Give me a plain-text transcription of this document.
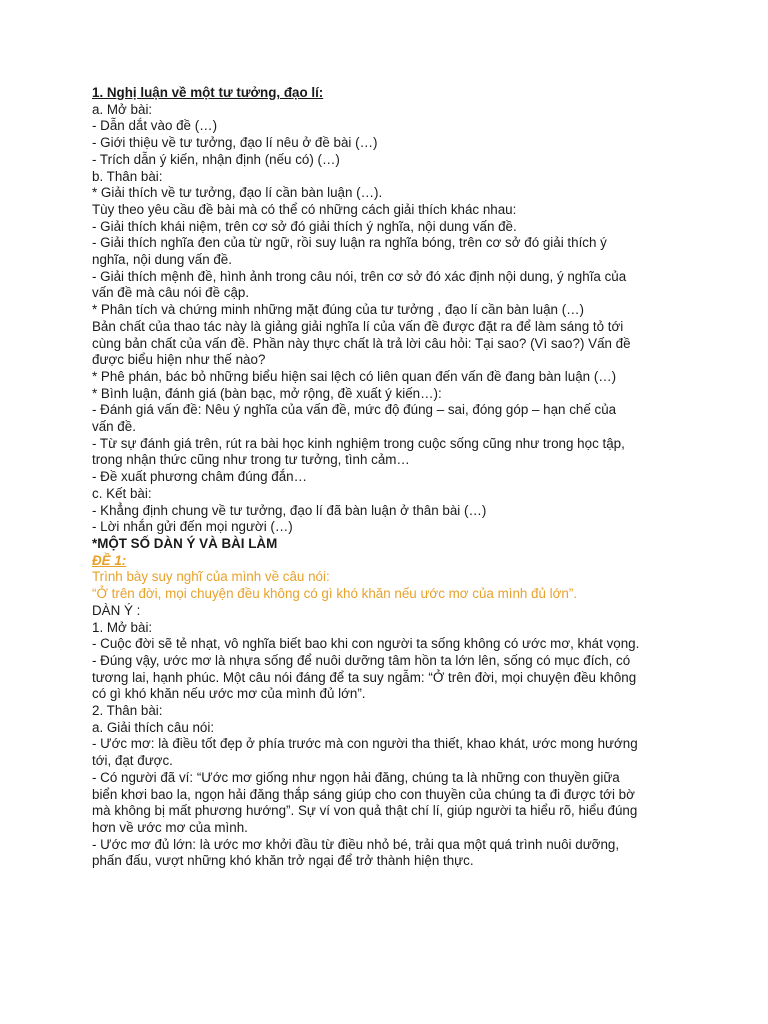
1. Nghị luận về một tư tưởng, đạo lí:

a. Mở bài:

- Dẫn dắt vào đề (…)

- Giới thiệu về tư tưởng, đạo lí nêu ở đề bài (…)

- Trích dẫn ý kiến, nhận định (nếu có) (…)

b. Thân bài:

* Giải thích về tư tưởng, đạo lí cần bàn luận (…).

Tùy theo yêu cầu đề bài mà có thể có những cách giải thích khác nhau:

- Giải thích khái niệm, trên cơ sở đó giải thích ý nghĩa, nội dung vấn đề.

- Giải thích nghĩa đen của từ ngữ, rồi suy luận ra nghĩa bóng, trên cơ sở đó giải thích ý

nghĩa, nội dung vấn đề.

- Giải thích mệnh đề, hình ảnh trong câu nói, trên cơ sở đó xác định nội dung, ý nghĩa của

vấn đề mà câu nói đề cập.

* Phân tích và chứng minh những mặt đúng của tư tưởng , đạo lí cần bàn luận (…)

Bản chất của thao tác này là giảng giải nghĩa lí của vấn đề được đặt ra để làm sáng tỏ tới

cùng bản chất của vấn đề. Phần này thực chất là trả lời câu hỏi: Tại sao? (Vì sao?) Vấn đề

được biểu hiện như thế nào?

* Phê phán, bác bỏ những biểu hiện sai lệch có liên quan đến vấn đề đang bàn luận (…)

* Bình luận, đánh giá (bàn bạc, mở rộng, đề xuất ý kiến…):

- Đánh giá vấn đề: Nêu ý nghĩa của vấn đề, mức độ đúng – sai, đóng góp – hạn chế của

vấn đề.

- Từ sự đánh giá trên, rút ra bài học kinh nghiệm trong cuộc sống cũng như trong học tập,

trong nhận thức cũng như trong tư tưởng, tình cảm…

- Đề xuất phương châm đúng đắn…

c. Kết bài:

- Khẳng định chung về tư tưởng, đạo lí đã bàn luận ở thân bài (…)

- Lời nhắn gửi đến mọi người (…)

*MỘT SỐ DÀN Ý VÀ BÀI LÀM

ĐỀ 1:

Trình bày suy nghĩ của mình về câu nói:

“Ở trên đời, mọi chuyện đều không có gì khó khăn nếu ước mơ của mình đủ lớn”.

DÀN Ý :

1. Mở bài:

- Cuộc đời sẽ tẻ nhạt, vô nghĩa biết bao khi con người ta sống không có ước mơ, khát vọng.

- Đúng vậy, ước mơ là nhựa sống để nuôi dưỡng tâm hồn ta lớn lên, sống có mục đích, có

tương lai, hạnh phúc. Một câu nói đáng để ta suy ngẫm: “Ở trên đời, mọi chuyện đều không

có gì khó khăn nếu ước mơ của mình đủ lớn”.

2. Thân bài:

a. Giải thích câu nói:

- Ước mơ: là điều tốt đẹp ở phía trước mà con người tha thiết, khao khát, ước mong hướng

tới, đạt được.

- Có người đã ví: “Ước mơ giống như ngọn hải đăng, chúng ta là những con thuyền giữa

biển khơi bao la, ngọn hải đăng thắp sáng giúp cho con thuyền của chúng ta đi được tới bờ

mà không bị mất phương hướng”. Sự ví von quả thật chí lí, giúp người ta hiểu rõ, hiểu đúng

hơn về ước mơ của mình.

- Ước mơ đủ lớn: là ước mơ khởi đầu từ điều nhỏ bé, trải qua một quá trình nuôi dưỡng,

phấn đấu, vượt những khó khăn trở ngại để trở thành hiện thực.
